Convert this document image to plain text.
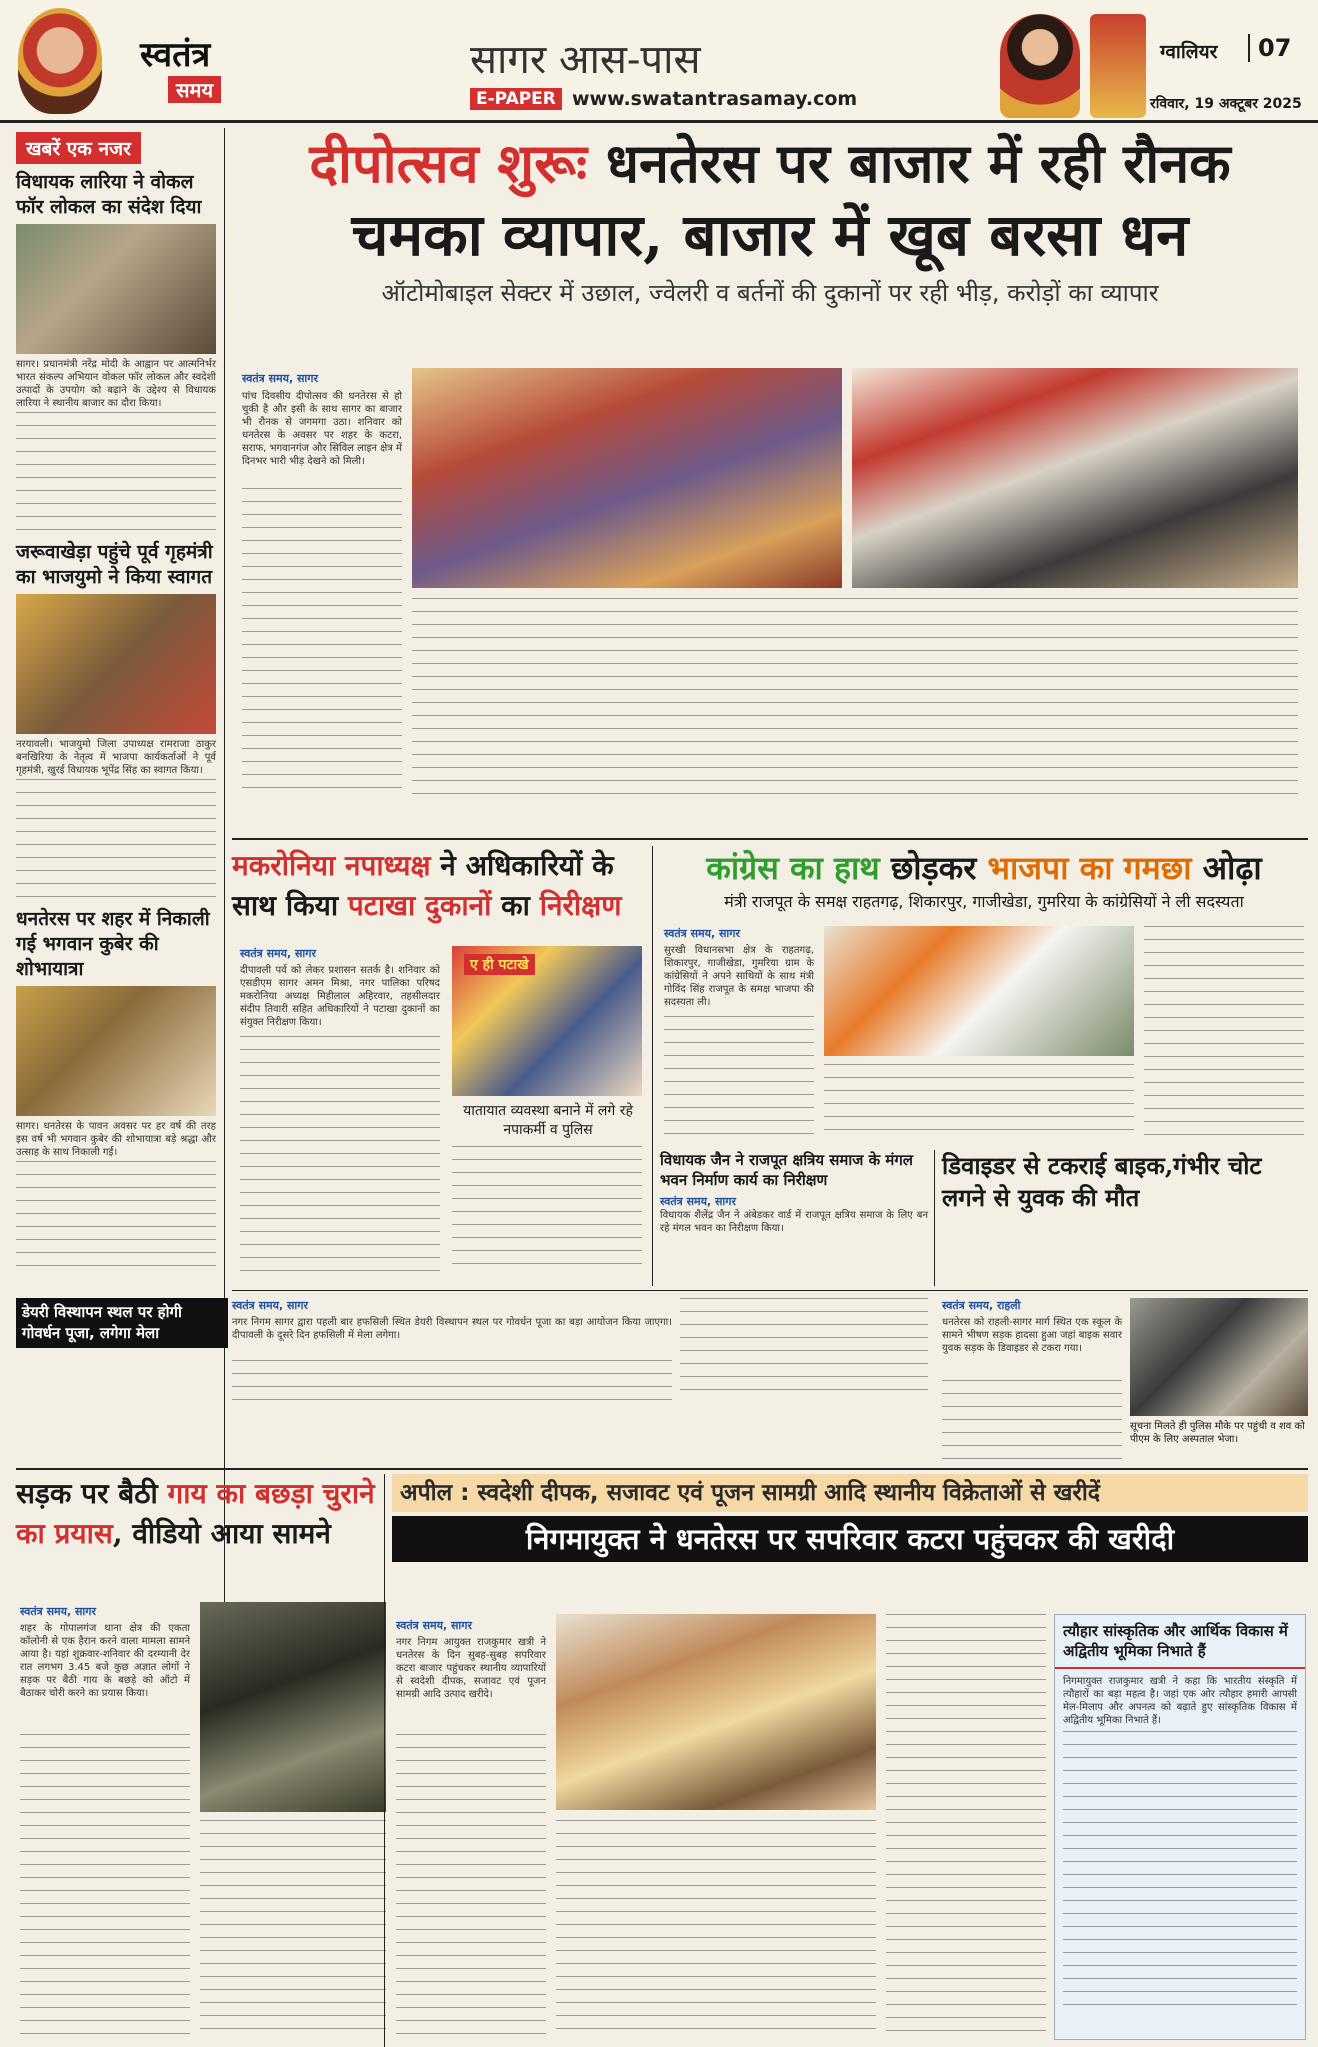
स्वतंत्र
समय
सागर आस-पास
E-PAPER www.swatantrasamay.com
ग्वालियर	07
रविवार, 19 अक्टूबर 2025
खबरें एक नजर
विधायक लारिया ने वोकल फॉर लोकल का संदेश दिया
सागर। प्रधानमंत्री नरेंद्र मोदी के आह्वान पर आत्मनिर्भर भारत संकल्प अभियान वोकल फॉर लोकल और स्वदेशी उत्पादों के उपयोग को बढ़ाने के उद्देश्य से विधायक लारिया ने स्थानीय बाजार का दौरा किया।
जरूवाखेड़ा पहुंचे पूर्व गृहमंत्री का भाजयुमो ने किया स्वागत
नरयावली। भाजयुमो जिला उपाध्यक्ष रामराजा ठाकुर बनखिरिया के नेतृत्व में भाजपा कार्यकर्ताओं ने पूर्व गृहमंत्री, खुरई विधायक भूपेंद्र सिंह का स्वागत किया।
धनतेरस पर शहर में निकाली गई भगवान कुबेर की शोभायात्रा
सागर। धनतेरस के पावन अवसर पर हर वर्ष की तरह इस वर्ष भी भगवान कुबेर की शोभायात्रा बड़े श्रद्धा और उत्साह के साथ निकाली गई।
दीपोत्सव शुरूः धनतेरस पर बाजार में रही रौनक
चमका व्यापार, बाजार में खूब बरसा धन
ऑटोमोबाइल सेक्टर में उछाल, ज्वेलरी व बर्तनों की दुकानों पर रही भीड़, करोड़ों का व्यापार
स्वतंत्र समय, सागर
पांच दिवसीय दीपोत्सव की धनतेरस से हो चुकी है और इसी के साथ सागर का बाजार भी रौनक से जगमगा उठा। शनिवार को धनतेरस के अवसर पर शहर के कटरा, सराफ, भगवानगंज और सिविल लाइन क्षेत्र में दिनभर भारी भीड़ देखने को मिली।
मकरोनिया नपाध्यक्ष ने अधिकारियों के साथ किया पटाखा दुकानों का निरीक्षण
स्वतंत्र समय, सागर
दीपावली पर्व को लेकर प्रशासन सतर्क है। शनिवार को एसडीएम सागर अमन मिश्रा, नगर पालिका परिषद मकरोनिया अध्यक्ष मिहीलाल अहिरवार, तहसीलदार संदीप तिवारी सहित अधिकारियों ने पटाखा दुकानों का संयुक्त निरीक्षण किया।
ए ही पटाखे
यातायात व्यवस्था बनाने में लगे रहे नपाकर्मी व पुलिस
कांग्रेस का हाथ छोड़कर भाजपा का गमछा ओढ़ा
मंत्री राजपूत के समक्ष राहतगढ़, शिकारपुर, गाजीखेडा, गुमरिया के कांग्रेसियों ने ली सदस्यता
स्वतंत्र समय, सागर
सुरखी विधानसभा क्षेत्र के राहतगढ़, शिकारपुर, गाजीखेडा, गुमरिया ग्राम के कांग्रेसियों ने अपने साथियों के साथ मंत्री गोविंद सिंह राजपूत के समक्ष भाजपा की सदस्यता ली।
विधायक जैन ने राजपूत क्षत्रिय समाज के मंगल भवन निर्माण कार्य का निरीक्षण
स्वतंत्र समय, सागर
विधायक शैलेंद्र जैन ने अंबेडकर वार्ड में राजपूत क्षत्रिय समाज के लिए बन रहे मंगल भवन का निरीक्षण किया।
डिवाइडर से टकराई बाइक,गंभीर चोट लगने से युवक की मौत
डेयरी विस्थापन स्थल पर होगी गोवर्धन पूजा, लगेगा मेला
स्वतंत्र समय, सागर
नगर निगम सागर द्वारा पहली बार हफसिली स्थित डेयरी विस्थापन स्थल पर गोवर्धन पूजा का बड़ा आयोजन किया जाएगा। दीपावली के दूसरे दिन हफसिली में मेला लगेगा।
स्वतंत्र समय, राहली
धनतेरस को राहली-सागर मार्ग स्थित एक स्कूल के सामने भीषण सड़क हादसा हुआ जहां बाइक सवार युवक सड़क के डिवाइडर से टकरा गया।
सूचना मिलते ही पुलिस मौके पर पहुंची व शव को पीएम के लिए अस्पताल भेजा।
सड़क पर बैठी गाय का बछड़ा चुराने का प्रयास, वीडियो आया सामने
स्वतंत्र समय, सागर
शहर के गोपालगंज थाना क्षेत्र की एकता कॉलोनी से एक हैरान करने वाला मामला सामने आया है। यहां शुक्रवार-शनिवार की दरम्यानी देर रात लगभग 3.45 बजे कुछ अज्ञात लोगों ने सड़क पर बैठी गाय के बछड़े को ऑटो में बैठाकर चोरी करने का प्रयास किया।
अपील : स्वदेशी दीपक, सजावट एवं पूजन सामग्री आदि स्थानीय विक्रेताओं से खरीदें
निगमायुक्त ने धनतेरस पर सपरिवार कटरा पहुंचकर की खरीदी
स्वतंत्र समय, सागर
नगर निगम आयुक्त राजकुमार खत्री ने धनतेरस के दिन सुबह-सुबह सपरिवार कटरा बाजार पहुंचकर स्थानीय व्यापारियों से स्वदेशी दीपक, सजावट एवं पूजन सामग्री आदि उत्पाद खरीदे।
त्यौहार सांस्कृतिक और आर्थिक विकास में अद्वितीय भूमिका निभाते हैं
निगमायुक्त राजकुमार खत्री ने कहा कि भारतीय संस्कृति में त्यौहारों का बड़ा महत्व है। जहां एक ओर त्यौहार हमारी आपसी मेल-मिलाप और अपनत्व को बढ़ाते हुए सांस्कृतिक विकास में अद्वितीय भूमिका निभाते हैं।
